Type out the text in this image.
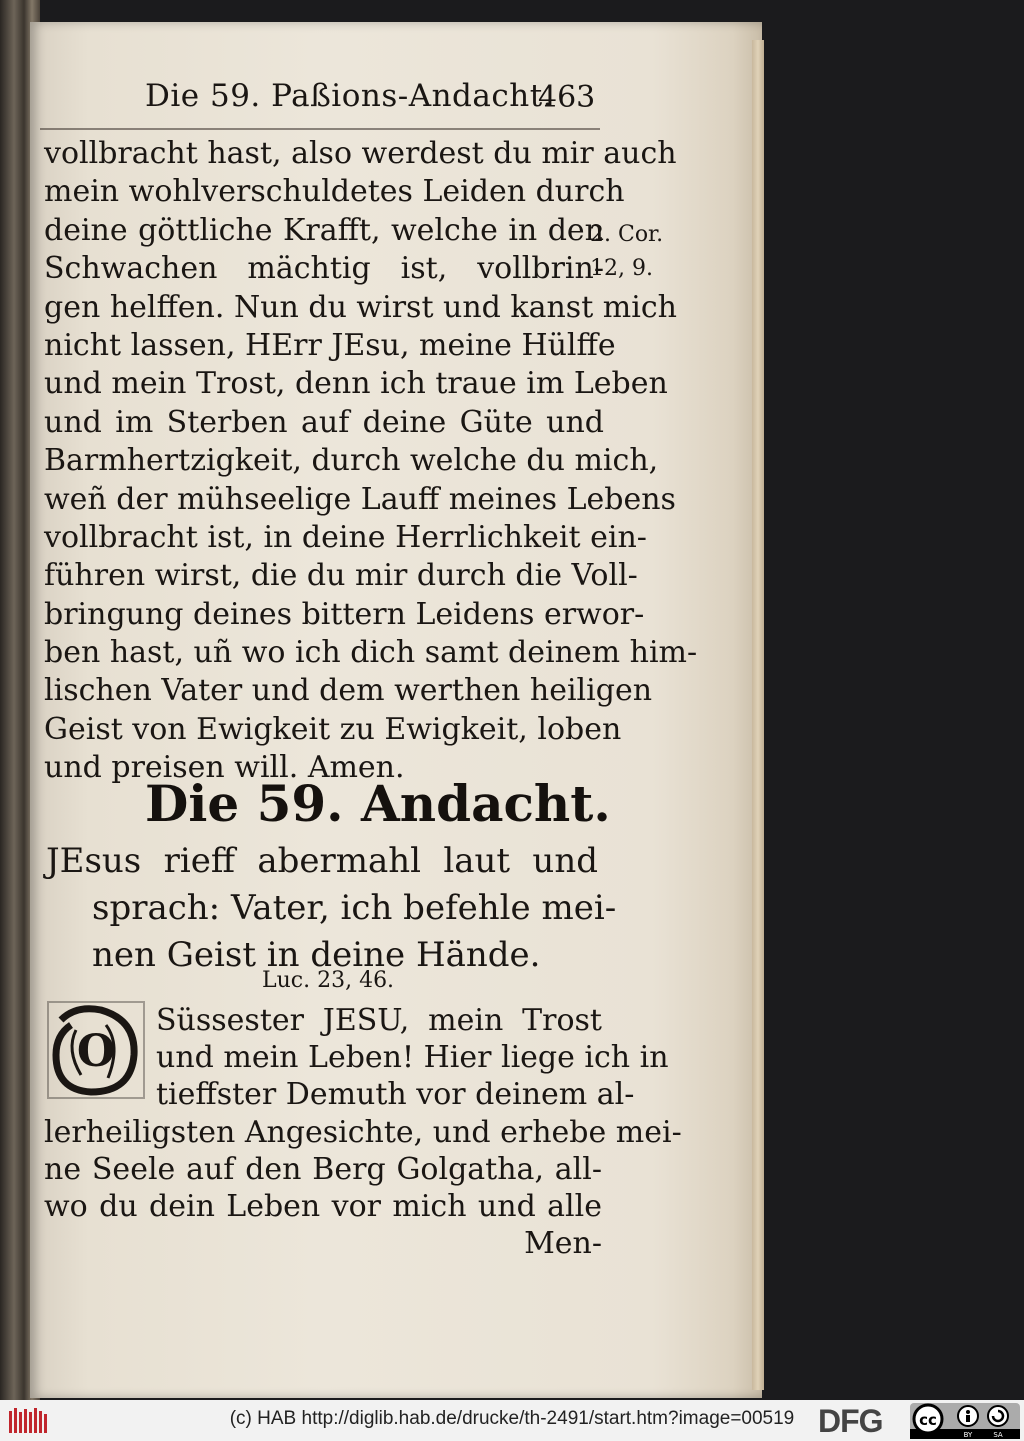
Die 59. Paßions-Andacht.
463
2. Cor.
12, 9.
vollbracht hast, also werdest du mir auch
mein wohlverschuldetes Leiden durch
deine göttliche Krafft, welche in den
Schwachen mächtig ist, vollbrin-
gen helffen. Nun du wirst und kanst mich
nicht lassen, HErr JEsu, meine Hülffe
und mein Trost, denn ich traue im Leben
und im Sterben auf deine Güte und
Barmhertzigkeit, durch welche du mich,
weñ der mühseelige Lauff meines Lebens
vollbracht ist, in deine Herrlichkeit ein-
führen wirst, die du mir durch die Voll-
bringung deines bittern Leidens erwor-
ben hast, uñ wo ich dich samt deinem him-
lischen Vater und dem werthen heiligen
Geist von Ewigkeit zu Ewigkeit, loben
und preisen will. Amen.
Die 59. Andacht.
JEsus rieff abermahl laut und
sprach: Vater, ich befehle mei-
nen Geist in deine Hände.
Luc. 23, 46.
O
Süssester JESU, mein Trost
und mein Leben! Hier liege ich in
tieffster Demuth vor deinem al-
lerheiligsten Angesichte, und erhebe mei-
ne Seele auf den Berg Golgatha, all-
wo du dein Leben vor mich und alle
Men-
(c) HAB http://diglib.hab.de/drucke/th-2491/start.htm?image=00519 DFG cc
BY	SA
